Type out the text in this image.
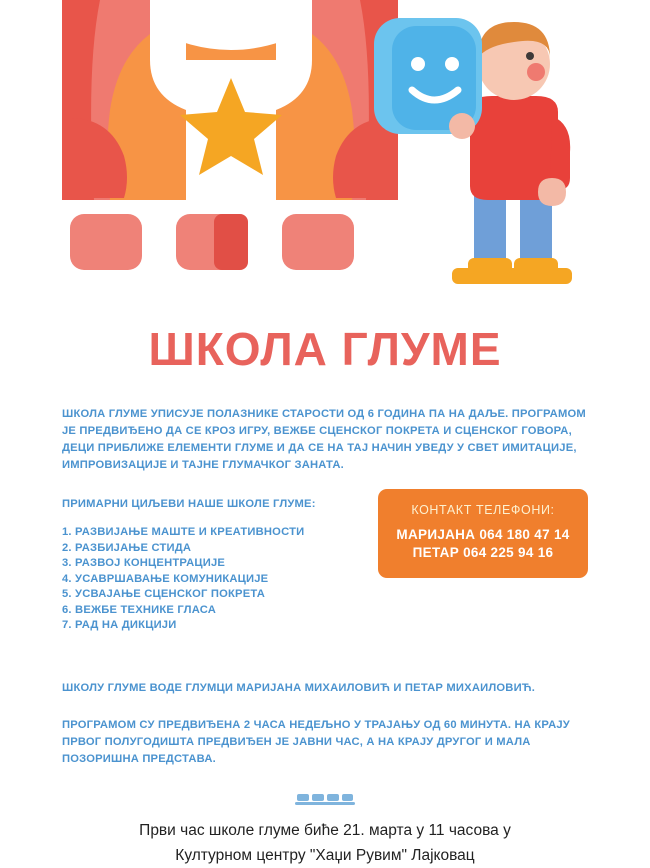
ШКОЛА ГЛУМЕ
ШКОЛА ГЛУМЕ УПИСУЈЕ ПОЛАЗНИКЕ СТАРОСТИ ОД 6 ГОДИНА ПА НА ДАЉЕ. ПРОГРАМОМ ЈЕ ПРЕДВИЂЕНО ДА СЕ КРОЗ ИГРУ, ВЕЖБЕ СЦЕНСКОГ ПОКРЕТА И СЦЕНСКОГ ГОВОРА, ДЕЦИ ПРИБЛИЖЕ ЕЛЕМЕНТИ ГЛУМЕ И ДА СЕ НА ТАЈ НАЧИН УВЕДУ У СВЕТ ИМИТАЦИЈЕ, ИМПРОВИЗАЦИЈЕ И ТАЈНЕ ГЛУМАЧКОГ ЗАНАТА.
ПРИМАРНИ ЦИЉЕВИ НАШЕ ШКОЛЕ ГЛУМЕ:
1. РАЗВИЈАЊЕ МАШТЕ И КРЕАТИВНОСТИ
2. РАЗБИЈАЊЕ СТИДА
3. РАЗВОЈ КОНЦЕНТРАЦИЈЕ
4. УСАВРШАВАЊЕ КОМУНИКАЦИЈЕ
5. УСВАЈАЊЕ СЦЕНСКОГ ПОКРЕТА
6. ВЕЖБЕ ТЕХНИКЕ ГЛАСА
7. РАД НА ДИКЦИЈИ
КОНТАКТ ТЕЛЕФОНИ:
МАРИЈАНА 064 180 47 14
ПЕТАР 064 225 94 16
ШКОЛУ ГЛУМЕ ВОДЕ ГЛУМЦИ МАРИЈАНА МИХАИЛОВИЋ И ПЕТАР МИХАИЛОВИЋ.
ПРОГРАМОМ СУ ПРЕДВИЂЕНА 2 ЧАСА НЕДЕЉНО У ТРАЈАЊУ ОД 60 МИНУТА. НА КРАЈУ ПРВОГ ПОЛУГОДИШТА ПРЕДВИЂЕН ЈЕ ЈАВНИ ЧАС, А НА КРАЈУ ДРУГОГ И МАЛА ПОЗОРИШНА ПРЕДСТАВА.
Први час школе глуме биће 21. марта у 11 часова у
Културном центру "Хаџи Рувим" Лајковац
